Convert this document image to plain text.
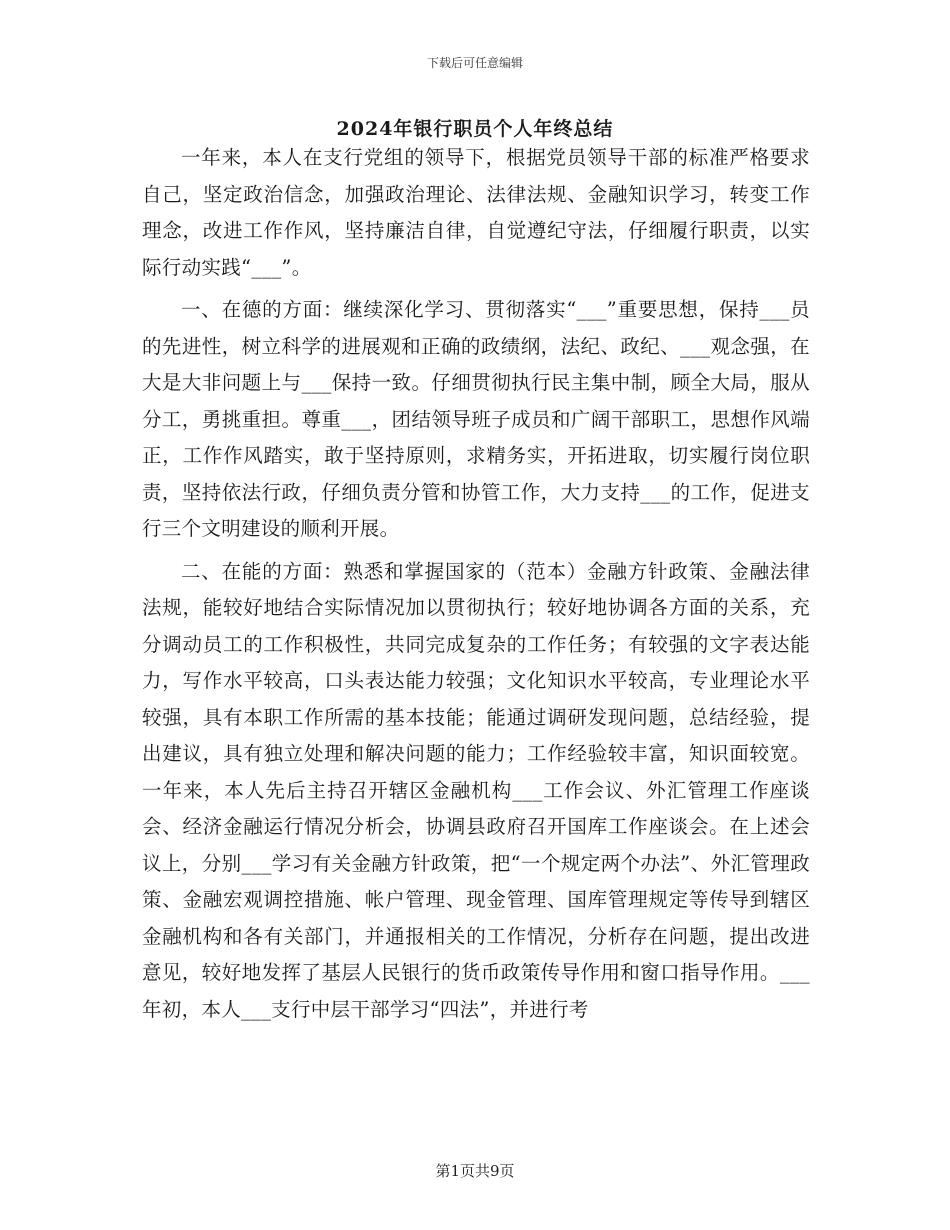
下载后可任意编辑
2024年银行职员个人年终总结

一年来，本人在支行党组的领导下，根据党员领导干部的标准严格要求自己，坚定政治信念，加强政治理论、法律法规、金融知识学习，转变工作理念，改进工作作风，坚持廉洁自律，自觉遵纪守法，仔细履行职责，以实际行动实践“___”。

一、在德的方面：继续深化学习、贯彻落实“___”重要思想，保持___员的先进性，树立科学的进展观和正确的政绩纲，法纪、政纪、___观念强，在大是大非问题上与___保持一致。仔细贯彻执行民主集中制，顾全大局，服从分工，勇挑重担。尊重___，团结领导班子成员和广阔干部职工，思想作风端正，工作作风踏实，敢于坚持原则，求精务实，开拓进取，切实履行岗位职责，坚持依法行政，仔细负责分管和协管工作，大力支持___的工作，促进支行三个文明建设的顺利开展。

二、在能的方面：熟悉和掌握国家的（范本）金融方针政策、金融法律法规，能较好地结合实际情况加以贯彻执行；较好地协调各方面的关系，充分调动员工的工作积极性，共同完成复杂的工作任务；有较强的文字表达能力，写作水平较高，口头表达能力较强；文化知识水平较高，专业理论水平较强，具有本职工作所需的基本技能；能通过调研发现问题，总结经验，提出建议，具有独立处理和解决问题的能力；工作经验较丰富，知识面较宽。一年来，本人先后主持召开辖区金融机构___工作会议、外汇管理工作座谈会、经济金融运行情况分析会，协调县政府召开国库工作座谈会。在上述会议上，分别___学习有关金融方针政策，把“一个规定两个办法”、外汇管理政策、金融宏观调控措施、帐户管理、现金管理、国库管理规定等传导到辖区金融机构和各有关部门，并通报相关的工作情况，分析存在问题，提出改进意见，较好地发挥了基层人民银行的货币政策传导作用和窗口指导作用。___年初，本人___支行中层干部学习“四法”，并进行考

第1页共9页
